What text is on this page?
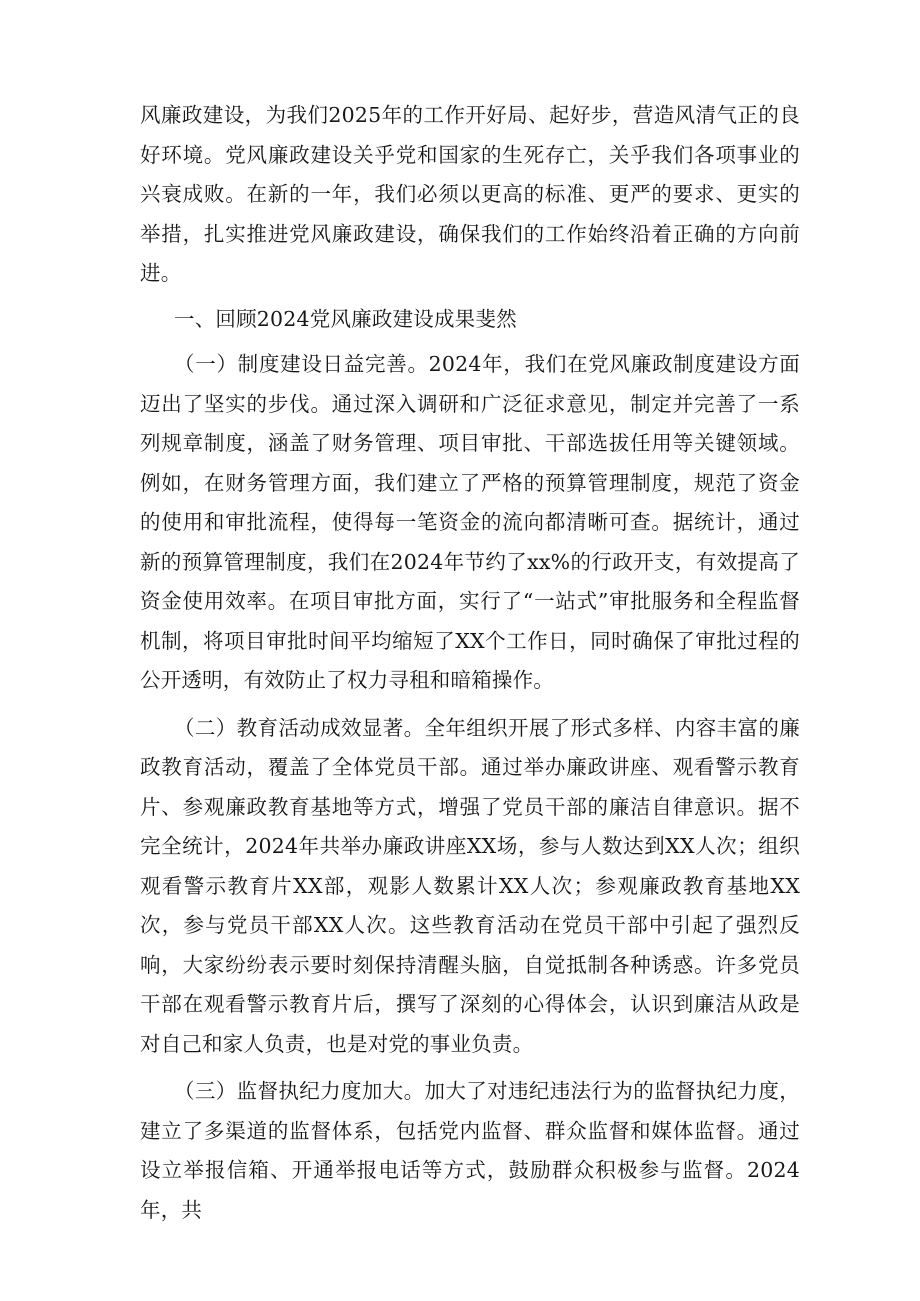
风廉政建设，为我们2025年的工作开好局、起好步，营造风清气正的良好环境。党风廉政建设关乎党和国家的生死存亡，关乎我们各项事业的兴衰成败。在新的一年，我们必须以更高的标准、更严的要求、更实的举措，扎实推进党风廉政建设，确保我们的工作始终沿着正确的方向前进。

一、回顾2024党风廉政建设成果斐然

（一）制度建设日益完善。2024年，我们在党风廉政制度建设方面迈出了坚实的步伐。通过深入调研和广泛征求意见，制定并完善了一系列规章制度，涵盖了财务管理、项目审批、干部选拔任用等关键领域。例如，在财务管理方面，我们建立了严格的预算管理制度，规范了资金的使用和审批流程，使得每一笔资金的流向都清晰可查。据统计，通过新的预算管理制度，我们在2024年节约了xx%的行政开支，有效提高了资金使用效率。在项目审批方面，实行了“一站式”审批服务和全程监督机制，将项目审批时间平均缩短了XX个工作日，同时确保了审批过程的公开透明，有效防止了权力寻租和暗箱操作。

（二）教育活动成效显著。全年组织开展了形式多样、内容丰富的廉政教育活动，覆盖了全体党员干部。通过举办廉政讲座、观看警示教育片、参观廉政教育基地等方式，增强了党员干部的廉洁自律意识。据不完全统计，2024年共举办廉政讲座XX场，参与人数达到XX人次；组织观看警示教育片XX部，观影人数累计XX人次；参观廉政教育基地XX次，参与党员干部XX人次。这些教育活动在党员干部中引起了强烈反响，大家纷纷表示要时刻保持清醒头脑，自觉抵制各种诱惑。许多党员干部在观看警示教育片后，撰写了深刻的心得体会，认识到廉洁从政是对自己和家人负责，也是对党的事业负责。

（三）监督执纪力度加大。加大了对违纪违法行为的监督执纪力度，建立了多渠道的监督体系，包括党内监督、群众监督和媒体监督。通过设立举报信箱、开通举报电话等方式，鼓励群众积极参与监督。2024年，共
